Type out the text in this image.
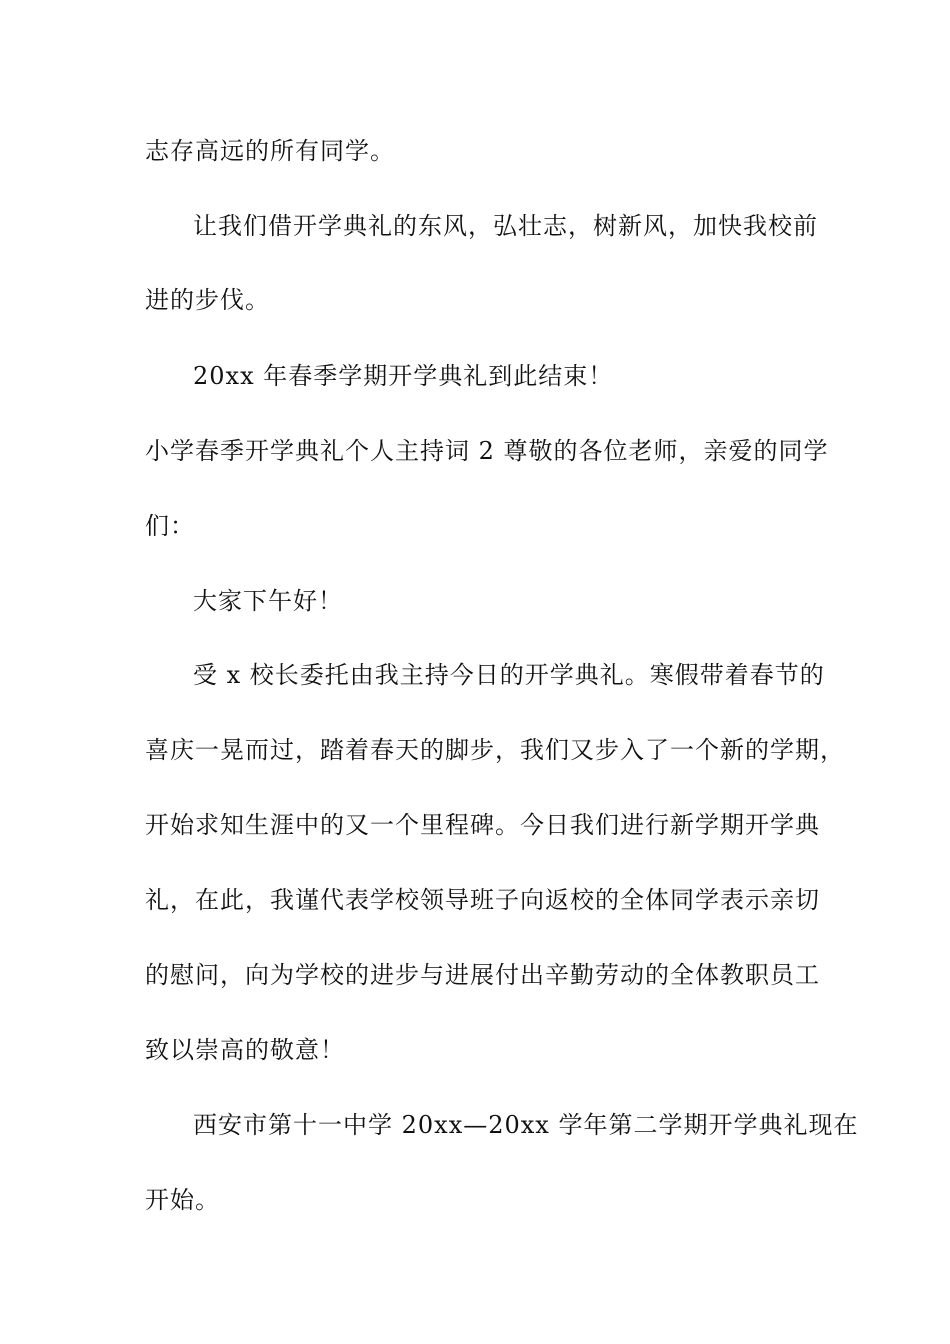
志存高远的所有同学。
让我们借开学典礼的东风，弘壮志，树新风，加快我校前
进的步伐。
20xx 年春季学期开学典礼到此结束！
小学春季开学典礼个人主持词 2 尊敬的各位老师，亲爱的同学
们：
大家下午好！
受 x 校长委托由我主持今日的开学典礼。寒假带着春节的
喜庆一晃而过，踏着春天的脚步，我们又步入了一个新的学期，
开始求知生涯中的又一个里程碑。今日我们进行新学期开学典
礼，在此，我谨代表学校领导班子向返校的全体同学表示亲切
的慰问，向为学校的进步与进展付出辛勤劳动的全体教职员工
致以崇高的敬意！
西安市第十一中学 20xx—20xx 学年第二学期开学典礼现在
开始。
